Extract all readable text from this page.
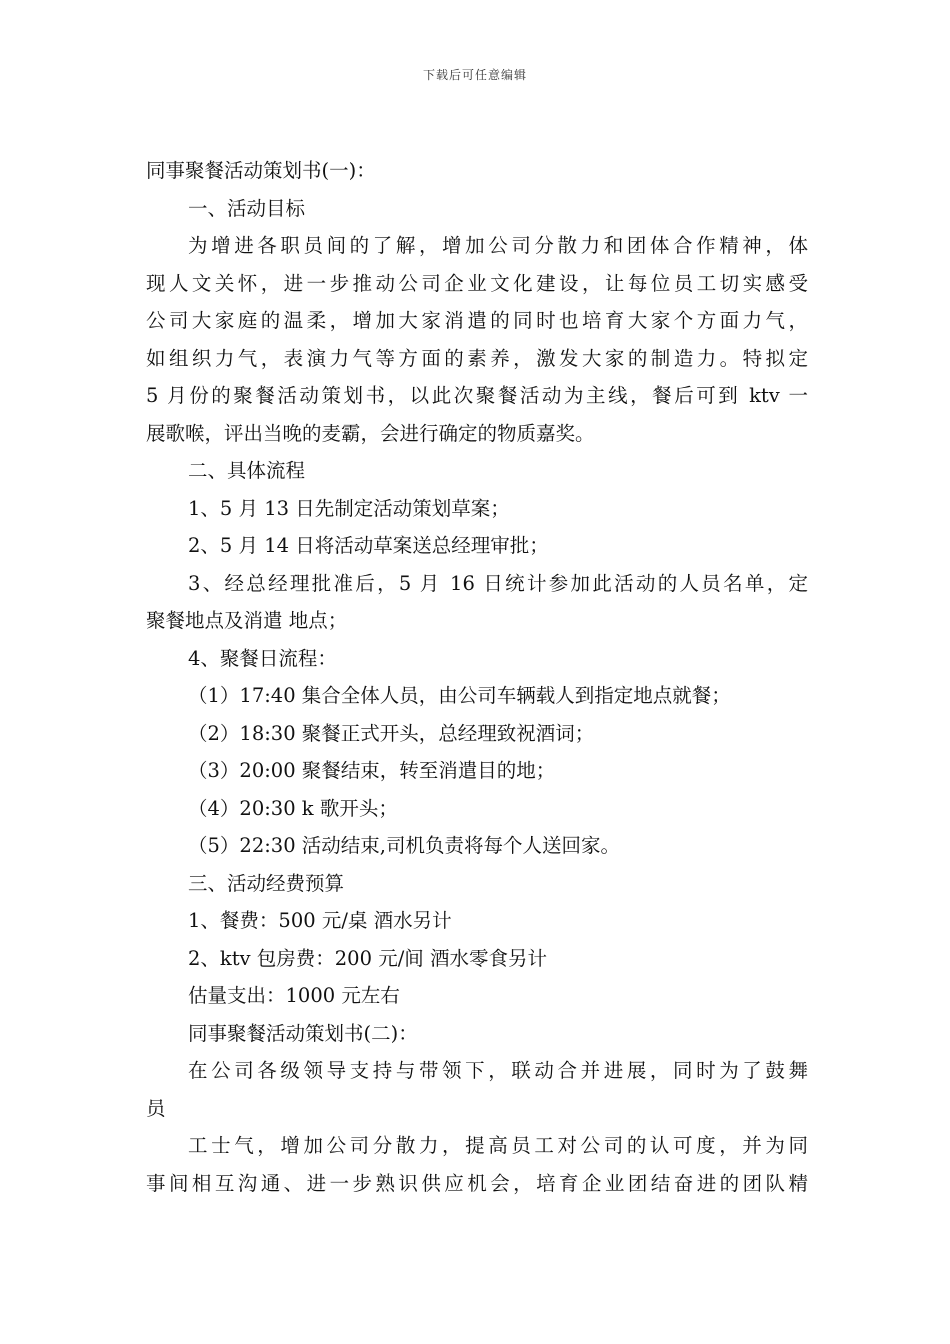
下载后可任意编辑

同事聚餐活动策划书(一)：

一、活动目标

为增进各职员间的了解，增加公司分散力和团体合作精神，体
现人文关怀，进一步推动公司企业文化建设，让每位员工切实感受
公司大家庭的温柔，增加大家消遣的同时也培育大家个方面力气，
如组织力气，表演力气等方面的素养，激发大家的制造力。特拟定
5 月份的聚餐活动策划书，以此次聚餐活动为主线，餐后可到 ktv 一
展歌喉，评出当晚的麦霸，会进行确定的物质嘉奖。

二、具体流程

1、5 月 13 日先制定活动策划草案；

2、5 月 14 日将活动草案送总经理审批；

3、经总经理批准后，5 月 16 日统计参加此活动的人员名单，定
聚餐地点及消遣 地点；

4、聚餐日流程：

（1）17:40 集合全体人员，由公司车辆载人到指定地点就餐；

（2）18:30 聚餐正式开头，总经理致祝酒词；

（3）20:00 聚餐结束，转至消遣目的地；

（4）20:30 k 歌开头；

（5）22:30 活动结束,司机负责将每个人送回家。

三、活动经费预算

1、餐费：500 元/桌 酒水另计

2、ktv 包房费：200 元/间 酒水零食另计

估量支出：1000 元左右

同事聚餐活动策划书(二)：

在公司各级领导支持与带领下，联动合并进展，同时为了鼓舞
员
工士气，增加公司分散力，提高员工对公司的认可度，并为同
事间相互沟通、进一步熟识供应机会，培育企业团结奋进的团队精
